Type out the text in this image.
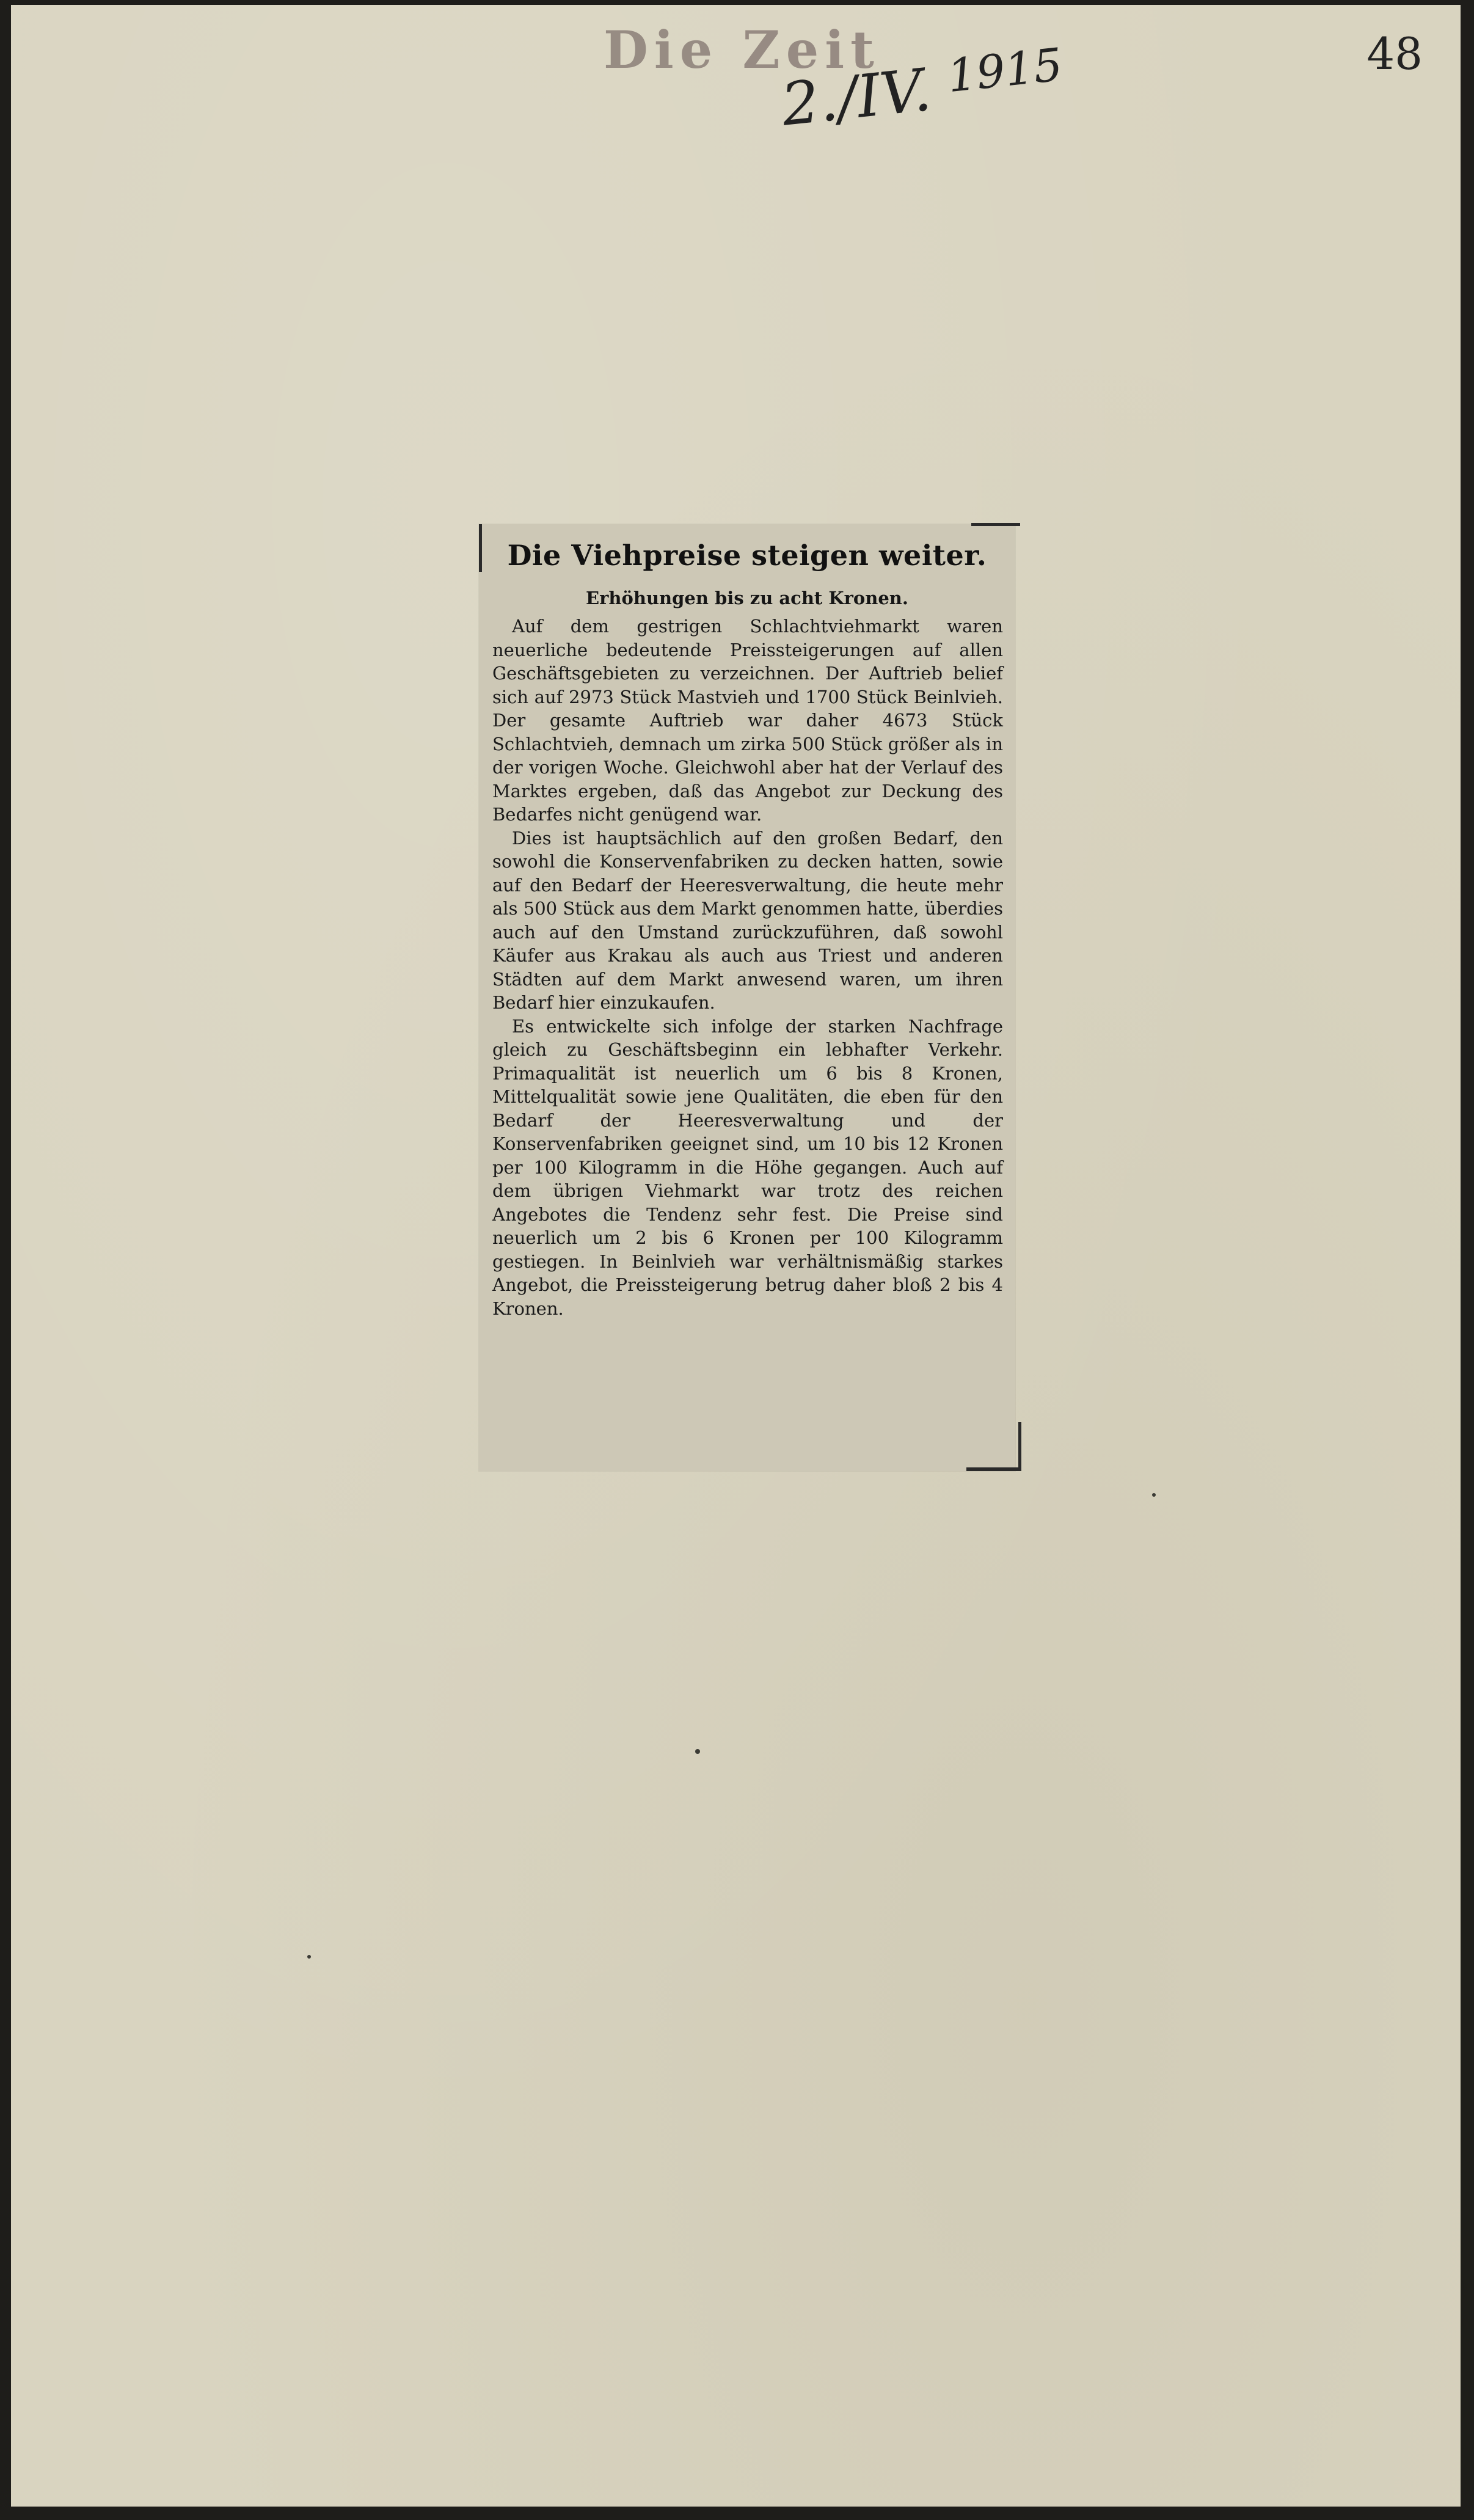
Die Zeit	48
2./IV. $^{1915}$
Die Viehpreise steigen weiter.
Erhöhungen bis zu acht Kronen.

Auf dem gestrigen Schlachtviehmarkt waren neuerliche bedeutende Preissteigerungen auf allen Geschäftsgebieten zu verzeichnen. Der Auftrieb belief sich auf 2973 Stück Mastvieh und 1700 Stück Beinlvieh. Der gesamte Auftrieb war daher 4673 Stück Schlachtvieh, demnach um zirka 500 Stück größer als in der vorigen Woche. Gleichwohl aber hat der Verlauf des Marktes ergeben, daß das Angebot zur Deckung des Bedarfes nicht genügend war.

Dies ist hauptsächlich auf den großen Bedarf, den sowohl die Konservenfabriken zu decken hatten, sowie auf den Bedarf der Heeresverwaltung, die heute mehr als 500 Stück aus dem Markt genommen hatte, überdies auch auf den Umstand zurückzuführen, daß sowohl Käufer aus Krakau als auch aus Triest und anderen Städten auf dem Markt anwesend waren, um ihren Bedarf hier einzukaufen.

Es entwickelte sich infolge der starken Nachfrage gleich zu Geschäftsbeginn ein lebhafter Verkehr. Primaqualität ist neuerlich um 6 bis 8 Kronen, Mittelqualität sowie jene Qualitäten, die eben für den Bedarf der Heeresverwaltung und der Konservenfabriken geeignet sind, um 10 bis 12 Kronen per 100 Kilogramm in die Höhe gegangen. Auch auf dem übrigen Viehmarkt war trotz des reichen Angebotes die Tendenz sehr fest. Die Preise sind neuerlich um 2 bis 6 Kronen per 100 Kilogramm gestiegen. In Beinlvieh war verhältnismäßig starkes Angebot, die Preissteigerung betrug daher bloß 2 bis 4 Kronen.
